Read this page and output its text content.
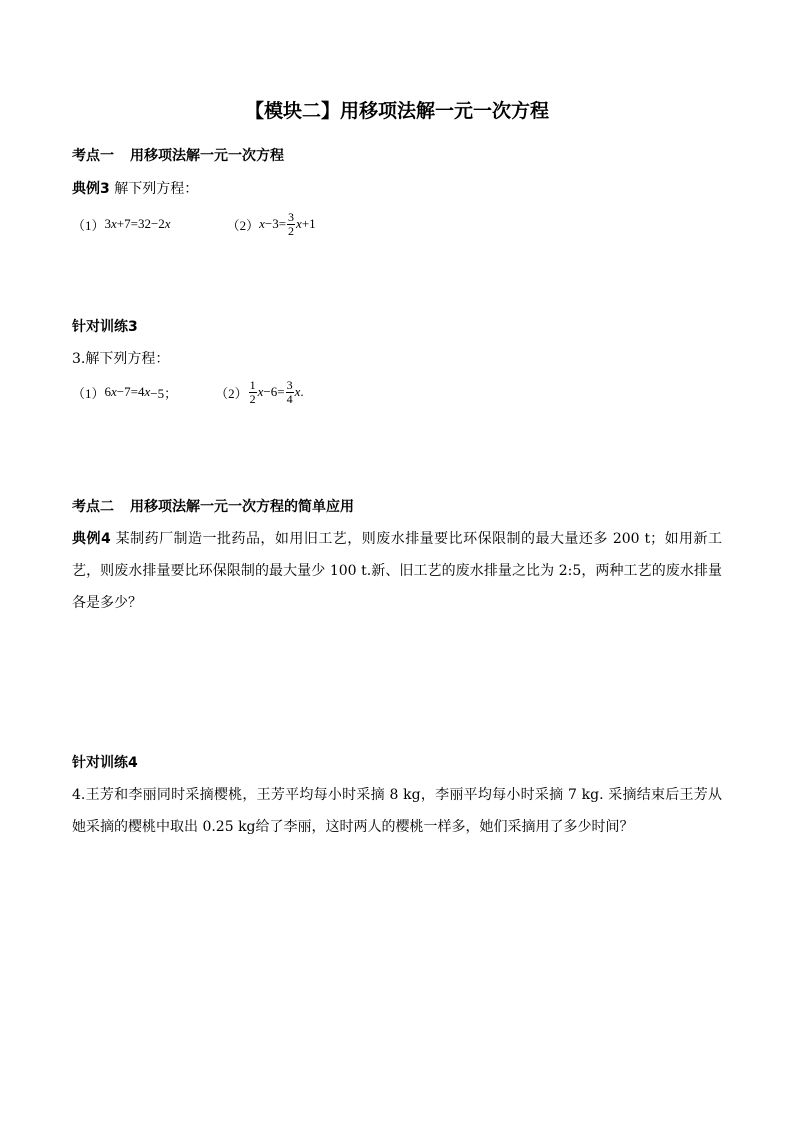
【模块二】用移项法解一元一次方程
考点一 用移项法解一元一次方程
典例3 解下列方程：
（1） 3 x +7=32−2 x	（2） $x -3= \frac{3}{2}$ x +1
针对训练3
3.解下列方程：
（1） 6 x −7=4 x −5；	$(2) \frac{1}{2}$ $x -6= \frac{3}{4}$ x .
考点二 用移项法解一元一次方程的简单应用
典例4 某制药厂制造一批药品，如用旧工艺，则废水排量要比环保限制的最大量还多 200 t；如用新工艺，则废水排量要比环保限制的最大量少 100 t.新、旧工艺的废水排量之比为 2:5，两种工艺的废水排量各是多少？
针对训练4
4.王芳和李丽同时采摘樱桃，王芳平均每小时采摘 8 kg，李丽平均每小时采摘 7 kg. 采摘结束后王芳从她采摘的樱桃中取出 0.25 kg给了李丽，这时两人的樱桃一样多，她们采摘用了多少时间？
